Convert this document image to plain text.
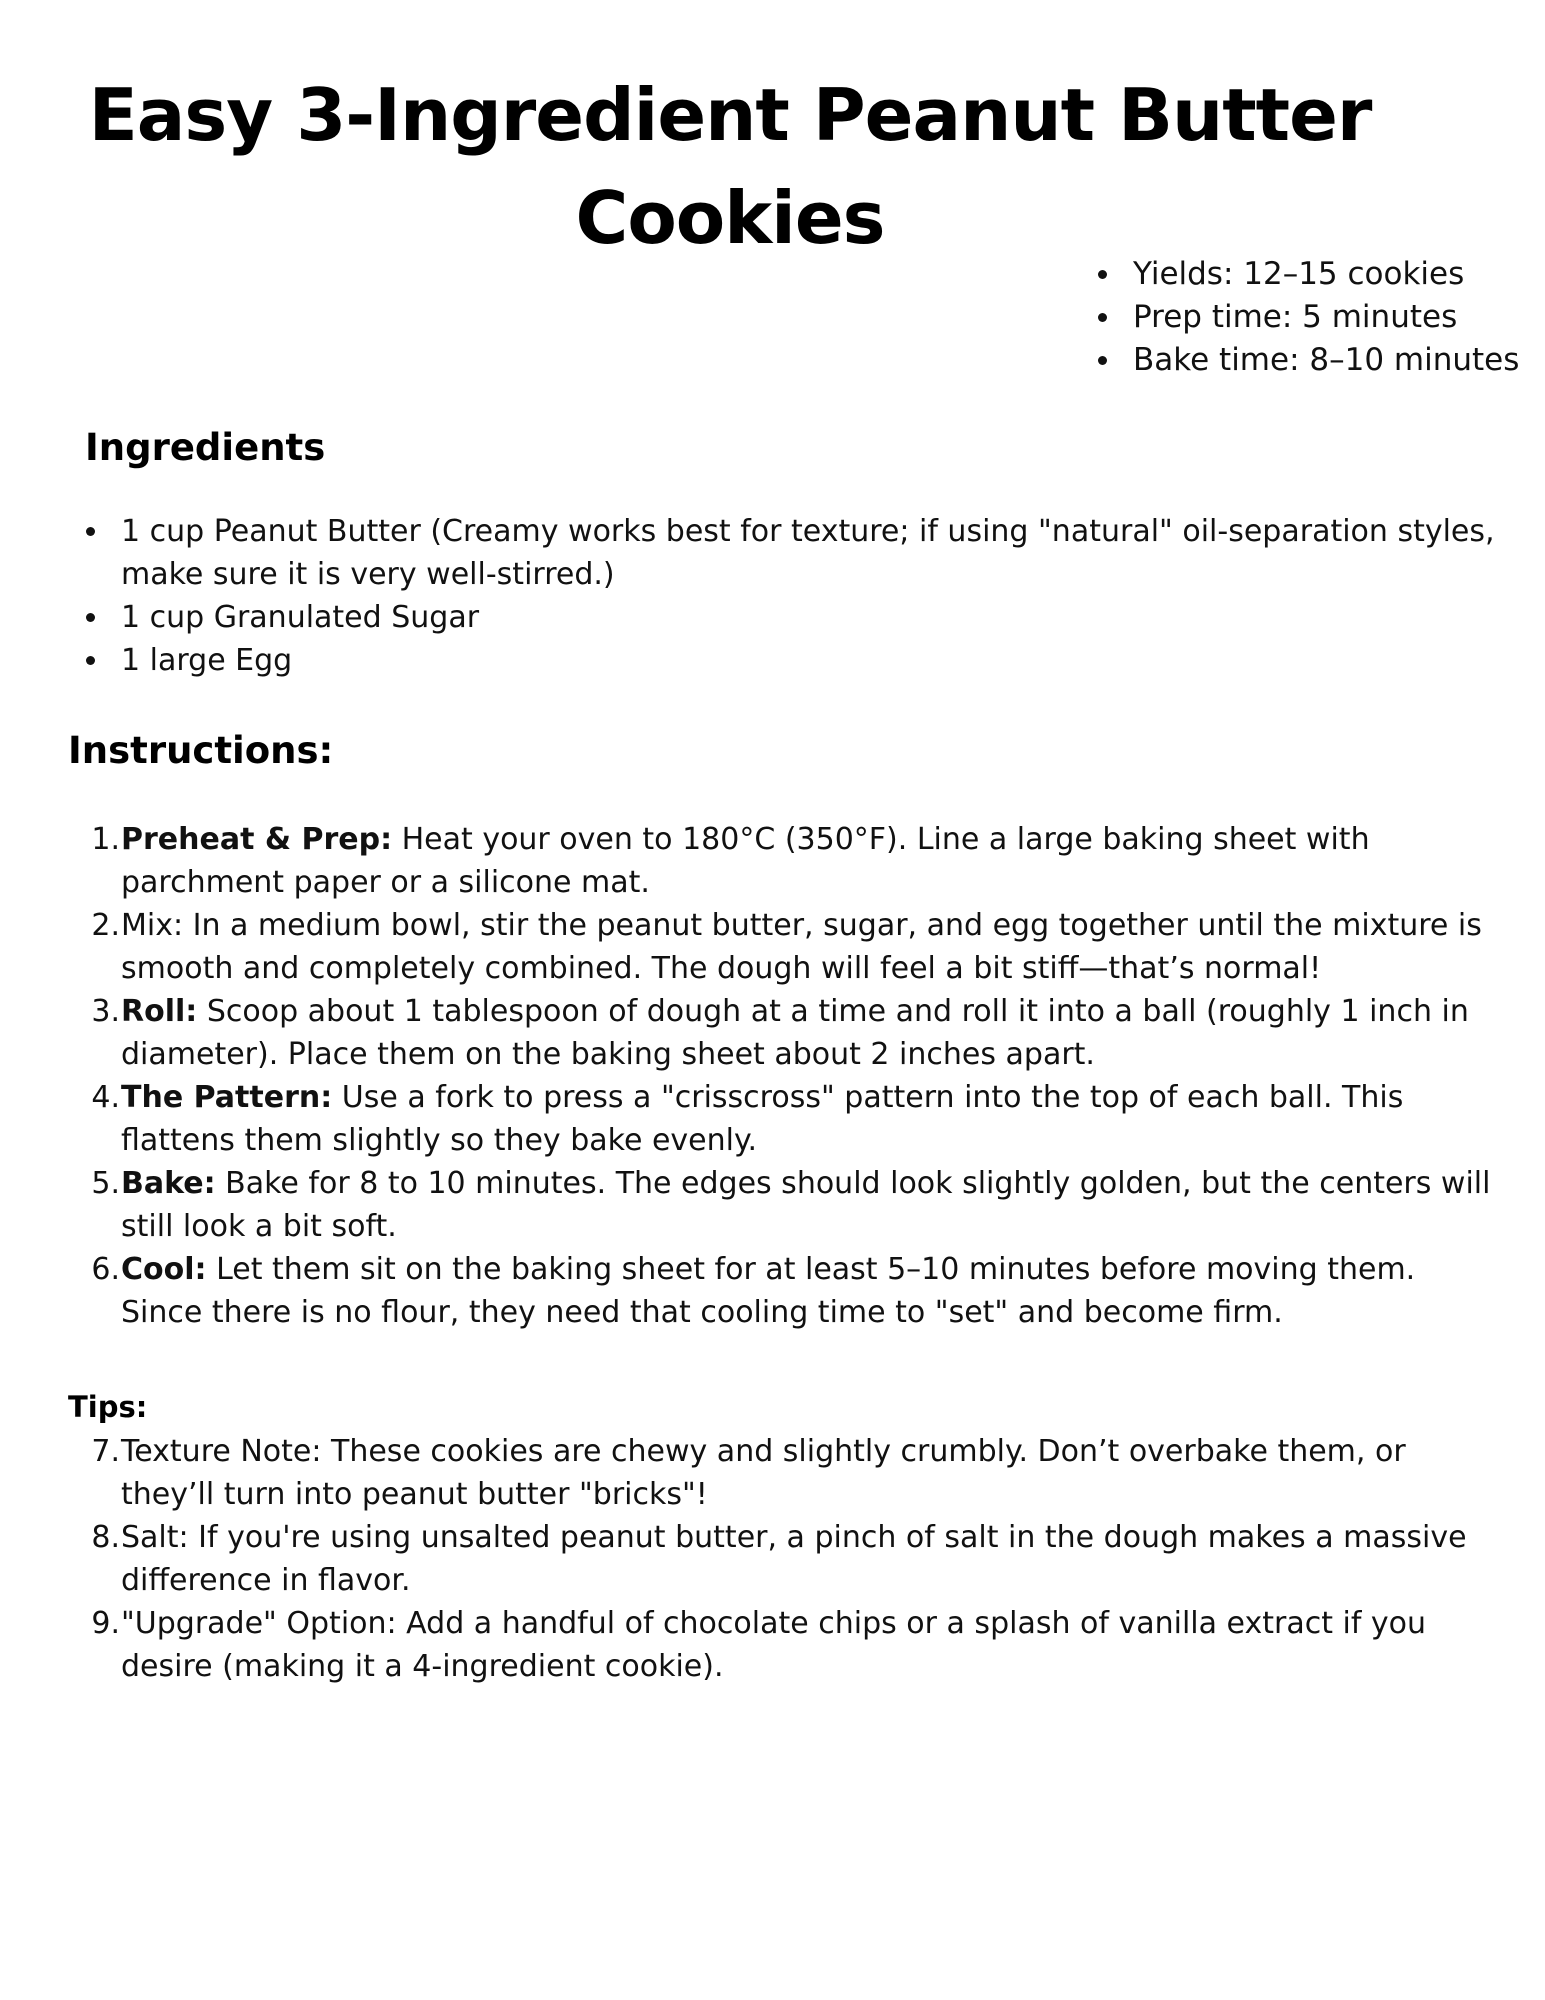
Easy 3-Ingredient Peanut Butter
Cookies
Yields: 12–15 cookies
Prep time: 5 minutes
Bake time: 8–10 minutes
Ingredients
1 cup Peanut Butter (Creamy works best for texture; if using "natural" oil-separation styles, make sure it is very well-stirred.)
1 cup Granulated Sugar
1 large Egg
Instructions:
1. Preheat & Prep: Heat your oven to 180°C (350°F). Line a large baking sheet with parchment paper or a silicone mat.
2. Mix: In a medium bowl, stir the peanut butter, sugar, and egg together until the mixture is smooth and completely combined. The dough will feel a bit stiff—that’s normal!
3. Roll: Scoop about 1 tablespoon of dough at a time and roll it into a ball (roughly 1 inch in diameter). Place them on the baking sheet about 2 inches apart.
4. The Pattern: Use a fork to press a "crisscross" pattern into the top of each ball. This flattens them slightly so they bake evenly.
5. Bake: Bake for 8 to 10 minutes. The edges should look slightly golden, but the centers will still look a bit soft.
6. Cool: Let them sit on the baking sheet for at least 5–10 minutes before moving them. Since there is no flour, they need that cooling time to "set" and become firm.
Tips:
7. Texture Note: These cookies are chewy and slightly crumbly. Don’t overbake them, or they’ll turn into peanut butter "bricks"!
8. Salt: If you're using unsalted peanut butter, a pinch of salt in the dough makes a massive difference in flavor.
9. "Upgrade" Option: Add a handful of chocolate chips or a splash of vanilla extract if you desire (making it a 4-ingredient cookie).
